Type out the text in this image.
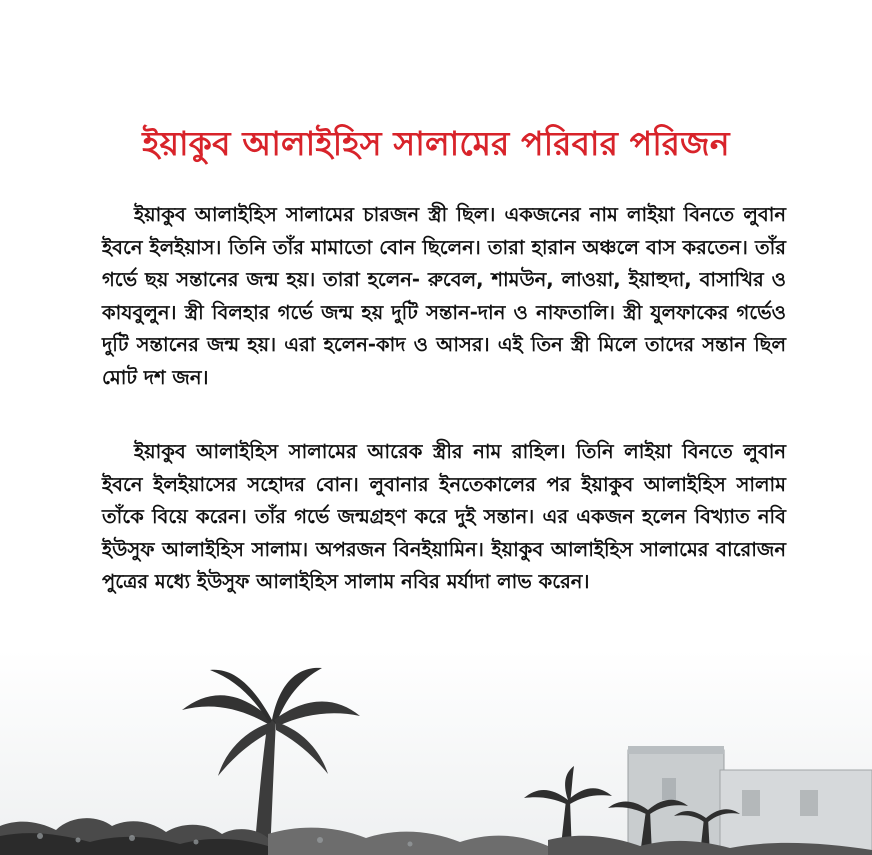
ইয়াকুব আলাইহিস সালামের পরিবার পরিজন

ইয়াকুব আলাইহিস সালামের চারজন স্ত্রী ছিল। একজনের নাম লাইয়া বিনতে লুবান ইবনে ইলইয়াস। তিনি তাঁর মামাতো বোন ছিলেন। তারা হারান অঞ্চলে বাস করতেন। তাঁর গর্ভে ছয় সন্তানের জন্ম হয়। তারা হলেন- রুবেল, শামউন, লাওয়া, ইয়াহুদা, বাসাখির ও কাযবুলুন। স্ত্রী বিলহার গর্ভে জন্ম হয় দুটি সন্তান-দান ও নাফতালি। স্ত্রী যুলফাকের গর্ভেও দুটি সন্তানের জন্ম হয়। এরা হলেন-কাদ ও আসর। এই তিন স্ত্রী মিলে তাদের সন্তান ছিল মোট দশ জন।

ইয়াকুব আলাইহিস সালামের আরেক স্ত্রীর নাম রাহিল। তিনি লাইয়া বিনতে লুবান ইবনে ইলইয়াসের সহোদর বোন। লুবানার ইনতেকালের পর ইয়াকুব আলাইহিস সালাম তাঁকে বিয়ে করেন। তাঁর গর্ভে জন্মগ্রহণ করে দুই সন্তান। এর একজন হলেন বিখ্যাত নবি ইউসুফ আলাইহিস সালাম। অপরজন বিনইয়ামিন। ইয়াকুব আলাইহিস সালামের বারোজন পুত্রের মধ্যে ইউসুফ আলাইহিস সালাম নবির মর্যাদা লাভ করেন।
